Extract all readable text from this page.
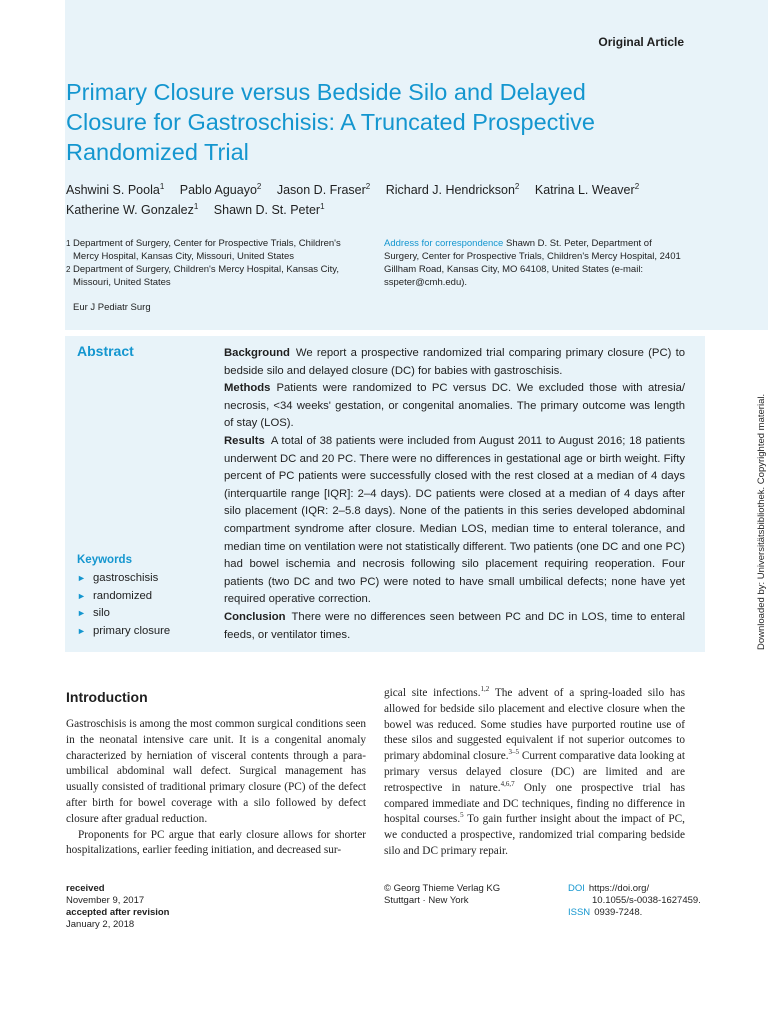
Original Article
Primary Closure versus Bedside Silo and Delayed
Closure for Gastroschisis: A Truncated Prospective
Randomized Trial
Ashwini S. Poola$^1$ Pablo Aguayo$^2$ Jason D. Fraser$^2$ Richard J. Hendrickson$^2$ Katrina L. Weaver$^2$
Katherine W. Gonzalez$^1$ Shawn D. St. Peter$^1$
1 Department of Surgery, Center for Prospective Trials, Children's Mercy Hospital, Kansas City, Missouri, United States
2 Department of Surgery, Children's Mercy Hospital, Kansas City, Missouri, United States
Address for correspondence Shawn D. St. Peter, Department of Surgery, Center for Prospective Trials, Children's Mercy Hospital, 2401 Gillham Road, Kansas City, MO 64108, United States (e-mail: sspeter@cmh.edu).
Eur J Pediatr Surg
Abstract	Background We report a prospective randomized trial comparing primary closure (PC) to bedside silo and delayed closure (DC) for babies with gastroschisis.

Methods Patients were randomized to PC versus DC. We excluded those with atresia/ necrosis, <34 weeks' gestation, or congenital anomalies. The primary outcome was length of stay (LOS).

Results A total of 38 patients were included from August 2011 to August 2016; 18 patients underwent DC and 20 PC. There were no differences in gestational age or birth weight. Fifty percent of PC patients were successfully closed with the rest closed at a median of 4 days (interquartile range [IQR]: 2–4 days). DC patients were closed at a median of 4 days after silo placement (IQR: 2–5.8 days). None of the patients in this series developed abdominal compartment syndrome after closure. Median LOS, median time to enteral tolerance, and median time on ventilation were not statistically different. Two patients (one DC and one PC) had bowel ischemia and necrosis following silo placement requiring reoperation. Four patients (two DC and two PC) were noted to have small umbilical defects; none have yet required operative correction.

Conclusion There were no differences seen between PC and DC in LOS, time to enteral feeds, or ventilator times.

Keywords
► gastroschisis
► randomized
► silo
► primary closure	Downloaded by: Universitätsbibliothek. Copyrighted material.
Introduction

Gastroschisis is among the most common surgical conditions seen in the neonatal intensive care unit. It is a congenital anomaly characterized by herniation of visceral contents through a para-umbilical abdominal wall defect. Surgical management has usually consisted of traditional primary closure (PC) of the defect after birth for bowel coverage with a silo followed by defect closure after gradual reduction.

Proponents for PC argue that early closure allows for shorter hospitalizations, earlier feeding initiation, and decreased sur-

gical site infections.$^{1,2}$ The advent of a spring-loaded silo has allowed for bedside silo placement and elective closure when the bowel was reduced. Some studies have purported routine use of these silos and suggested equivalent if not superior outcomes to primary abdominal closure.$^{3-5}$ Current comparative data looking at primary versus delayed closure (DC) are limited and are retrospective in nature.$^{4,6,7}$ Only one prospective trial has compared immediate and DC techniques, finding no difference in hospital courses.$^5$ To gain further insight about the impact of PC, we conducted a prospective, randomized trial comparing bedside silo and DC primary repair.

received
November 9, 2017
accepted after revision
January 2, 2018
© Georg Thieme Verlag KG
Stuttgart · New York
DOI https://doi.org/
10.1055/s-0038-1627459.
ISSN 0939-7248.
